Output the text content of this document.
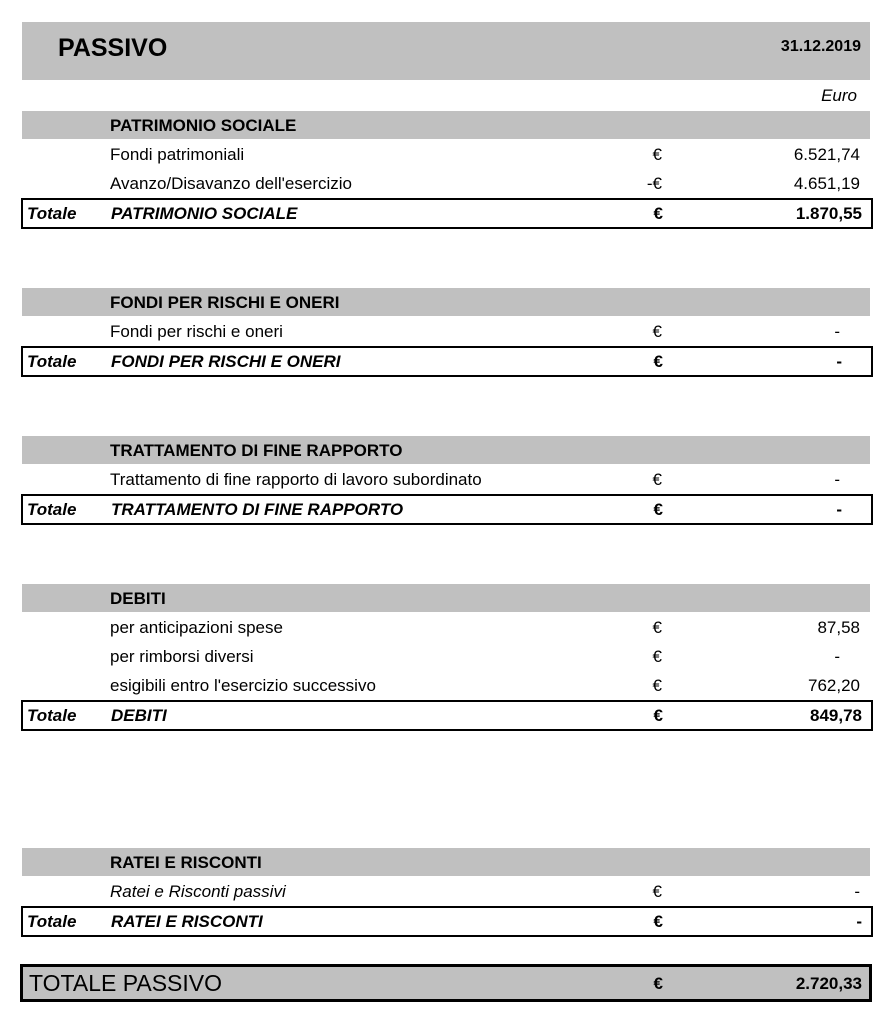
PASSIVO	31.12.2019
Euro
PATRIMONIO SOCIALE
Fondi patrimoniali	€	6.521,74
Avanzo/Disavanzo dell'esercizio	-€	4.651,19
Totale PATRIMONIO SOCIALE	€	1.870,55
FONDI PER RISCHI E ONERI
Fondi per rischi e oneri	€	-
Totale FONDI PER RISCHI E ONERI	€	-
TRATTAMENTO DI FINE RAPPORTO
Trattamento di fine rapporto di lavoro subordinato	€	-
Totale TRATTAMENTO DI FINE RAPPORTO	€	-
DEBITI
per anticipazioni spese	€	87,58
per rimborsi diversi	€	-
esigibili entro l'esercizio successivo	€	762,20
Totale DEBITI	€	849,78
RATEI E RISCONTI
Ratei e Risconti passivi	€	-
Totale RATEI E RISCONTI	€	-
TOTALE PASSIVO	€	2.720,33
